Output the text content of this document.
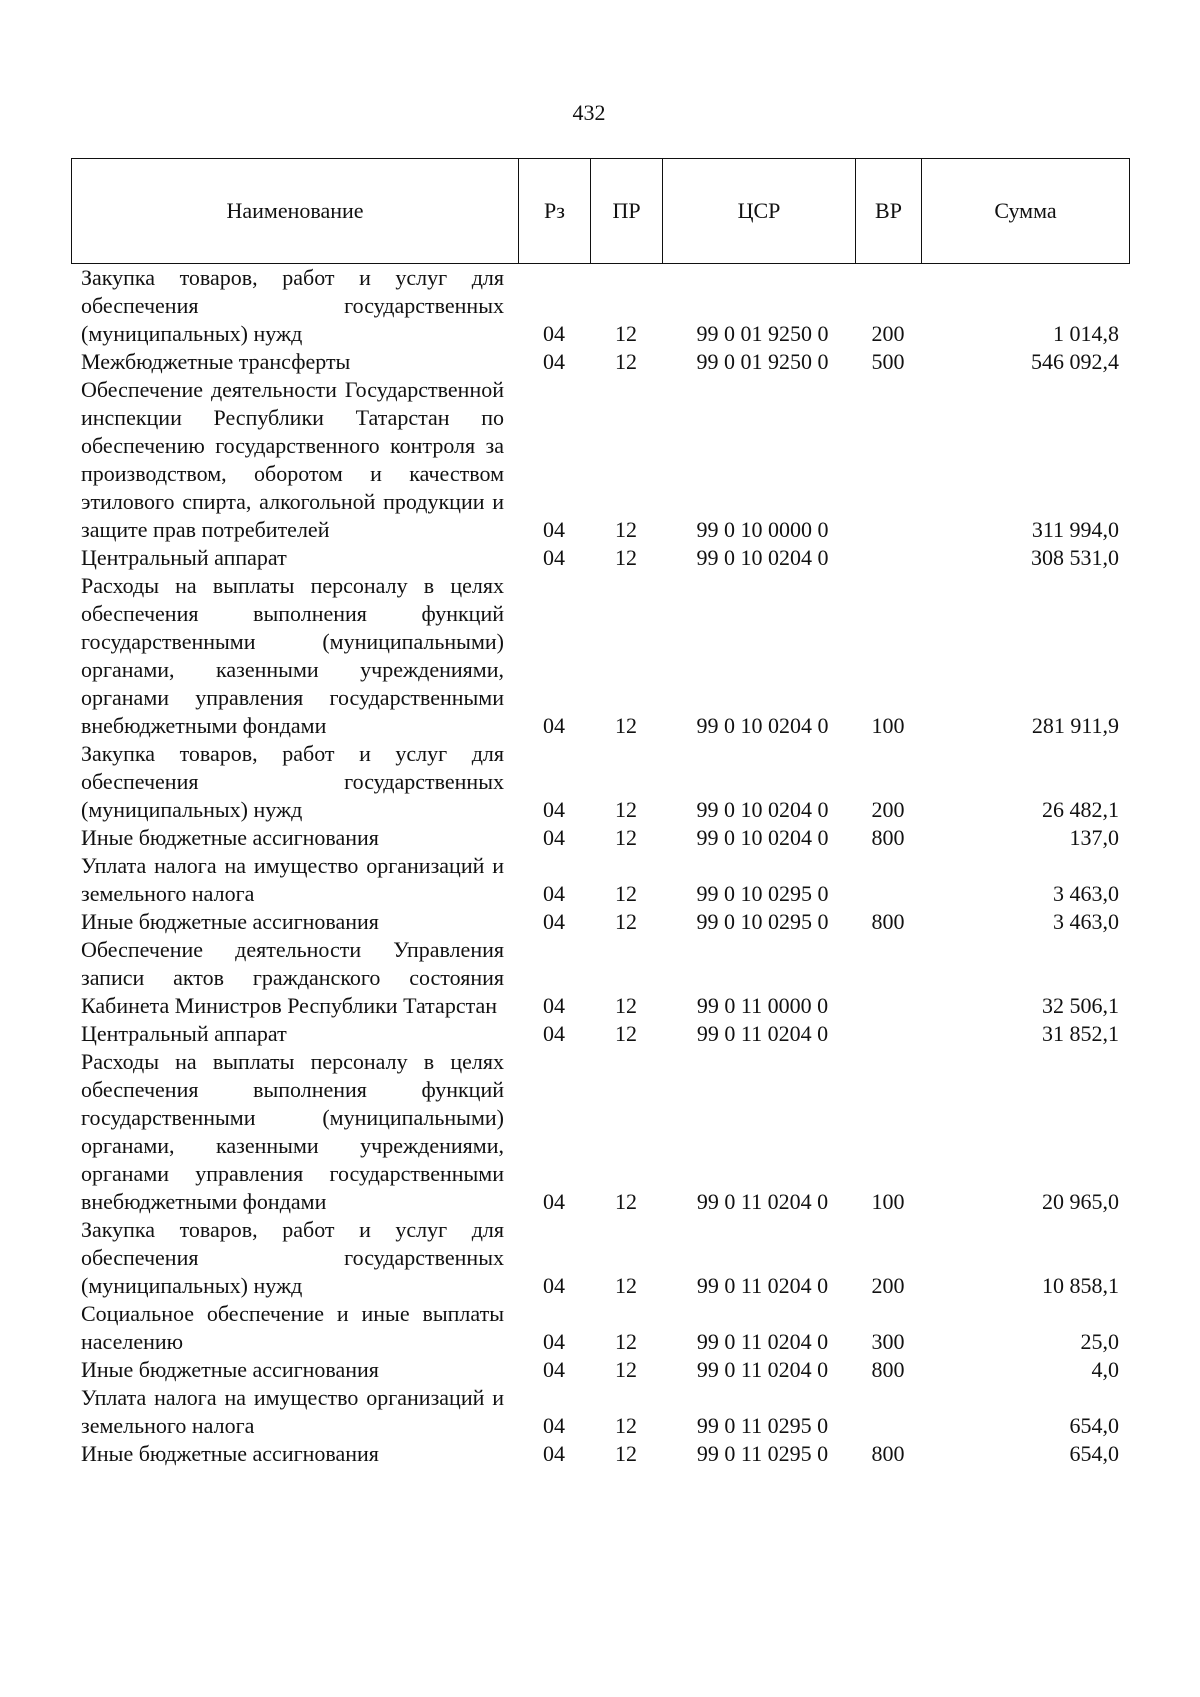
432
Наименование	Рз	ПР	ЦСР	ВР	Сумма
Закупка товаров, работ и услуг для обеспечения государственных (муниципальных) нужд	04	12	99 0 01 9250 0	200	1 014,8

Межбюджетные трансферты	04	12	99 0 01 9250 0	500	546 092,4

Обеспечение деятельности Государственной инспекции Республики Татарстан по обеспечению государственного контроля за производством, оборотом и качеством этилового спирта, алкогольной продукции и защите прав потребителей	04	12	99 0 10 0000 0		311 994,0

Центральный аппарат	04	12	99 0 10 0204 0		308 531,0

Расходы на выплаты персоналу в целях обеспечения выполнения функций государственными (муниципальными) органами, казенными учреждениями, органами управления государственными внебюджетными фондами	04	12	99 0 10 0204 0	100	281 911,9

Закупка товаров, работ и услуг для обеспечения государственных (муниципальных) нужд	04	12	99 0 10 0204 0	200	26 482,1

Иные бюджетные ассигнования	04	12	99 0 10 0204 0	800	137,0

Уплата налога на имущество организаций и земельного налога	04	12	99 0 10 0295 0		3 463,0

Иные бюджетные ассигнования	04	12	99 0 10 0295 0	800	3 463,0

Обеспечение деятельности Управления записи актов гражданского состояния Кабинета Министров Республики Татарстан	04	12	99 0 11 0000 0		32 506,1

Центральный аппарат	04	12	99 0 11 0204 0		31 852,1

Расходы на выплаты персоналу в целях обеспечения выполнения функций государственными (муниципальными) органами, казенными учреждениями, органами управления государственными внебюджетными фондами	04	12	99 0 11 0204 0	100	20 965,0

Закупка товаров, работ и услуг для обеспечения государственных (муниципальных) нужд	04	12	99 0 11 0204 0	200	10 858,1

Социальное обеспечение и иные выплаты населению	04	12	99 0 11 0204 0	300	25,0

Иные бюджетные ассигнования	04	12	99 0 11 0204 0	800	4,0

Уплата налога на имущество организаций и земельного налога	04	12	99 0 11 0295 0		654,0

Иные бюджетные ассигнования	04	12	99 0 11 0295 0	800	654,0
